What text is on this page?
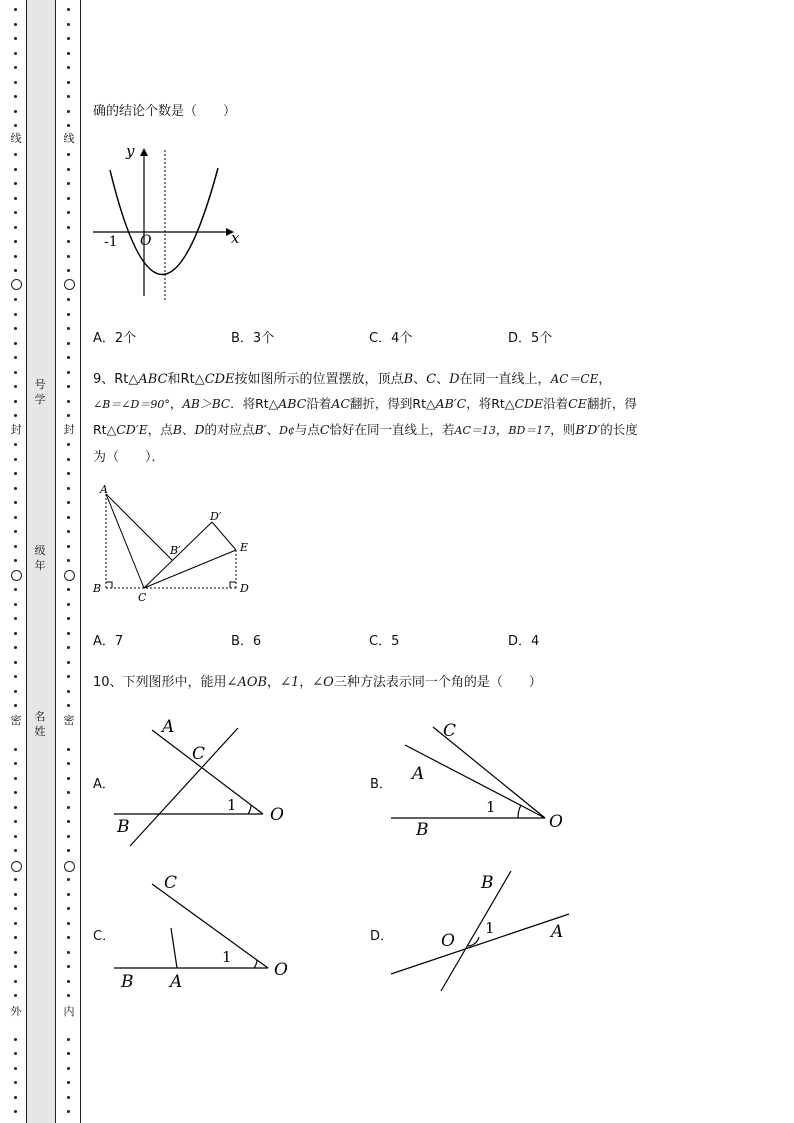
线
封
密
外
线
封
密
内
号
学
级
年
名
姓
确的结论个数是（　　）
y
x
-1 O
A．2个	B．3个	C．4个	D．5个
9、Rt△ABC和Rt△CDE按如图所示的位置摆放，顶点B、C、D在同一直线上，AC＝CE，
∠B＝∠D＝90°，AB＞BC．将Rt△ABC沿着AC翻折，得到Rt△AB′C，将Rt△CDE沿着CE翻折，得
Rt△CD′E，点B、D的对应点B′、D¢与点C恰好在同一直线上，若AC＝13，BD＝17，则B′D′的长度
为（　　）．
A
B
C
D
E
B′
D′
A．7	B．6	C．5	D．4
10、下列图形中，能用∠AOB，∠1，∠O三种方法表示同一个角的是（　　）
A．	B．
C．	D．
A
C
1
B
O
C
A
1
B	O
C
1
B A
O
B
O
1	A
